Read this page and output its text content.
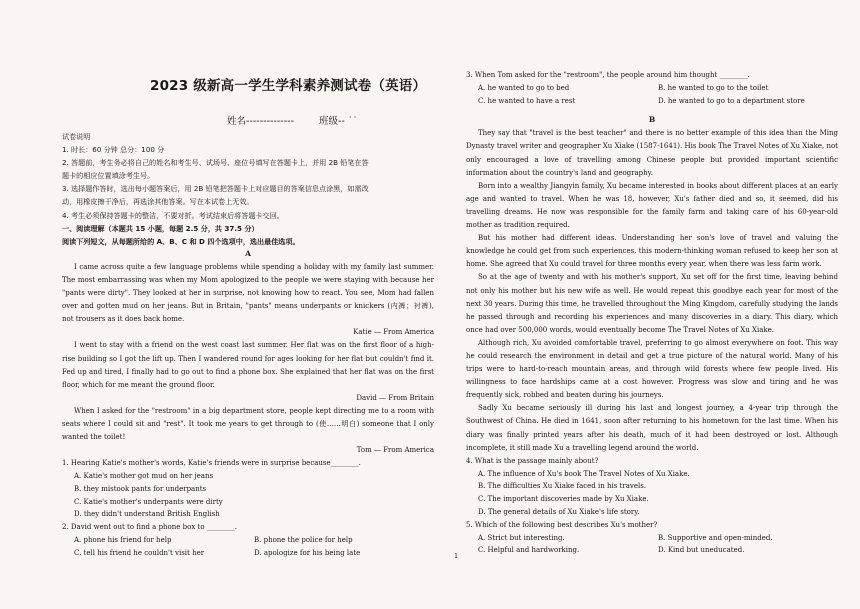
2023 级新高一学生学科素养测试卷（英语）
姓名--------------	班级-- ˙˙
试卷说明
1. 时长：60 分钟 总分：100 分
2. 答题前，考生务必将自己的姓名和考生号、试场号、座位号填写在答题卡上，并用 2B 铅笔在答
题卡的相应位置填涂考生号。
3. 选择题作答时，选出每小题答案后，用 2B 铅笔把答题卡上对应题目的答案信息点涂黑，如需改
动，用橡皮擦干净后，再选涂其他答案。写在本试卷上无效。
4. 考生必须保持答题卡的整洁，不要对折。考试结束后将答题卡交回。
一、阅读理解（本题共 15 小题，每题 2.5 分，共 37.5 分）
阅读下列短文，从每题所给的 A、B、C 和 D 四个选项中，选出最佳选项。
A

I came across quite a few language problems while spending a holiday with my family last summer. The most embarrassing was when my Mom apologized to the people we were staying with because her "pants were dirty". They looked at her in surprise, not knowing how to react. You see, Mom had fallen over and gotten mud on her jeans. But in Britain, "pants" means underpants or knickers (内裤；衬裤), not trousers as it does back home.

Katie — From America

I went to stay with a friend on the west coast last summer. Her flat was on the first floor of a high-rise building so I got the lift up. Then I wandered round for ages looking for her flat but couldn't find it. Fed up and tired, I finally had to go out to find a phone box. She explained that her flat was on the first floor, which for me meant the ground floor.

David — From Britain

When I asked for the "restroom" in a big department store, people kept directing me to a room with seats where I could sit and "rest". It took me years to get through to (使……明白) someone that I only wanted the toilet!

Tom — From America
1. Hearing Katie's mother's words, Katie's friends were in surprise because________.
A. Katie's mother got mud on her jeans
B. they mistook pants for underpants
C. Katie's mother's underpants were dirty
D. they didn't understand British English
2. David went out to find a phone box to ________.
A. phone his friend for help	B. phone the police for help
C. tell his friend he couldn't visit her	D. apologize for his being late
3. When Tom asked for the "restroom", the people around him thought ________.
A. he wanted to go to bed	B. he wanted to go to the toilet
C. he wanted to have a rest	D. he wanted to go to a department store
B

They say that "travel is the best teacher" and there is no better example of this idea than the Ming Dynasty travel writer and geographer Xu Xiake (1587-1641). His book The Travel Notes of Xu Xiake, not only encouraged a love of travelling among Chinese people but provided important scientific information about the country's land and geography.

Born into a wealthy Jiangyin family, Xu became interested in books about different places at an early age and wanted to travel. When he was 18, however, Xu's father died and so, it seemed, did his travelling dreams. He now was responsible for the family farm and taking care of his 60-year-old mother as tradition required.

But his mother had different ideas. Understanding her son's love of travel and valuing the knowledge he could get from such experiences, this modern-thinking woman refused to keep her son at home. She agreed that Xu could travel for three months every year, when there was less farm work.

So at the age of twenty and with his mother's support, Xu set off for the first time, leaving behind not only his mother but his new wife as well. He would repeat this goodbye each year for most of the next 30 years. During this time, he travelled throughout the Ming Kingdom, carefully studying the lands he passed through and recording his experiences and many discoveries in a diary. This diary, which once had over 500,000 words, would eventually become The Travel Notes of Xu Xiake.

Although rich, Xu avoided comfortable travel, preferring to go almost everywhere on foot. This way he could research the environment in detail and get a true picture of the natural world. Many of his trips were to hard-to-reach mountain areas, and through wild forests where few people lived. His willingness to face hardships came at a cost however. Progress was slow and tiring and he was frequently sick, robbed and beaten during his journeys.

Sadly Xu became seriously ill during his last and longest journey, a 4-year trip through the Southwest of China. He died in 1641, soon after returning to his hometown for the last time. When his diary was finally printed years after his death, much of it had been destroyed or lost. Although incomplete, it still made Xu a travelling legend around the world.

4. What is the passage mainly about?
A. The influence of Xu's book The Travel Notes of Xu Xiake.
B. The difficulties Xu Xiake faced in his travels.
C. The important discoveries made by Xu Xiake.
D. The general details of Xu Xiake's life story.
5. Which of the following best describes Xu's mother?
A. Strict but interesting.	B. Supportive and open-minded.
C. Helpful and hardworking.	D. Kind but uneducated.
1
